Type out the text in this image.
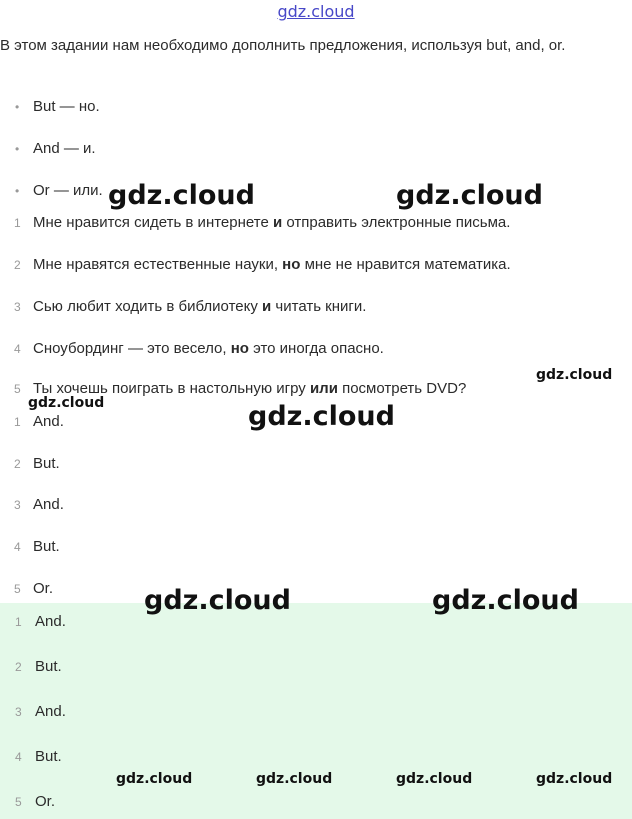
gdz.cloud
В этом задании нам необходимо дополнить предложения, используя but, and, or.
• But — но.
• And — и.
• Or — или.
1 Мне нравится сидеть в интернете и отправить электронные письма.
2 Мне нравятся естественные науки, но мне не нравится математика.
3 Сью любит ходить в библиотеку и читать книги.
4 Сноубординг — это весело, но это иногда опасно.
5 Ты хочешь поиграть в настольную игру или посмотреть DVD?
1 And.
2 But.
3 And.
4 But.
5 Or.
1 And.
2 But.
3 And.
4 But.
5 Or.
gdz.cloud	gdz.cloud
gdz.cloud
gdz.cloud	gdz.cloud
gdz.cloud	gdz.cloud
gdz.cloud	gdz.cloud	gdz.cloud	gdz.cloud
